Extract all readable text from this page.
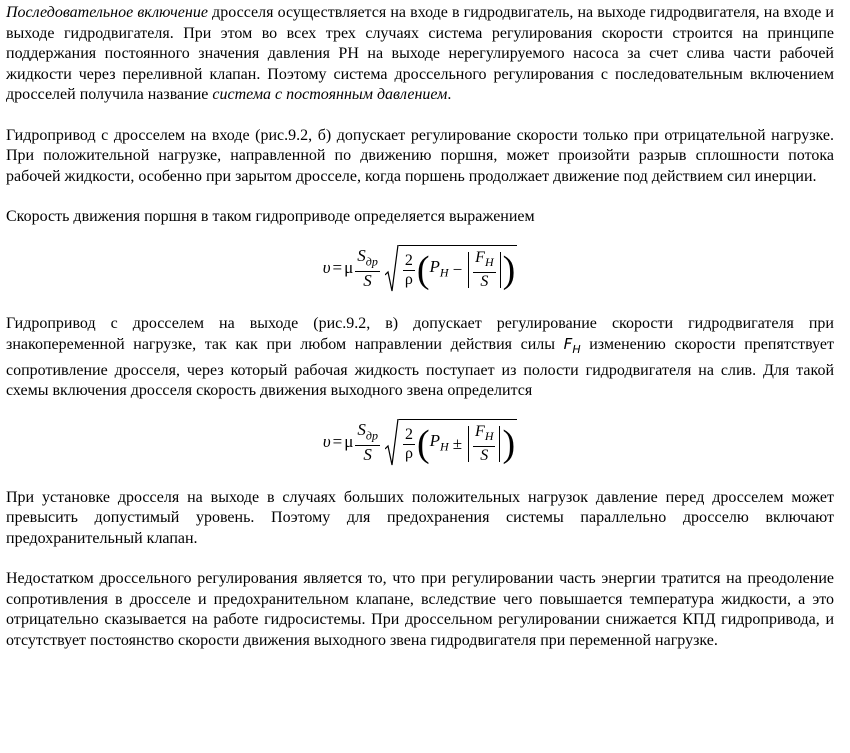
Последовательное включение дросселя осуществляется на входе в гидродвигатель, на выходе гидродвигателя, на входе и выходе гидродвигателя. При этом во всех трех случаях система регулирования скорости строится на принципе поддержания постоянного значения давления PH на выходе нерегулируемого насоса за счет слива части рабочей жидкости через переливной клапан. Поэтому система дроссельного регулирования с последовательным включением дросселей получила название система с постоянным давлением.

Гидропривод с дросселем на входе (рис.9.2, б) допускает регулирование скорости только при отрицательной нагрузке. При положительной нагрузке, направленной по движению поршня, может произойти разрыв сплошности потока рабочей жидкости, особенно при зарытом дросселе, когда поршень продолжает движение под действием сил инерции.

Скорость движения поршня в таком гидроприводе определяется выражением

υ = μ $\frac{S_{др}}{S} \frac{2}{\rho}$ ( $P_H - \frac{F_H}{S}$ )

Гидропривод с дросселем на выходе (рис.9.2, в) допускает регулирование скорости гидродвигателя при знакопеременной нагрузке, так как при любом направлении действия силы $F_H$ изменению скорости препятствует сопротивление дросселя, через который рабочая жидкость поступает из полости гидродвигателя на слив. Для такой схемы включения дросселя скорость движения выходного звена определится

υ = μ $\frac{S_{др}}{S} \frac{2}{\rho}$ ( $P_H \pm \frac{F_H}{S}$ )

При установке дросселя на выходе в случаях больших положительных нагрузок давление перед дросселем может превысить допустимый уровень. Поэтому для предохранения системы параллельно дросселю включают предохранительный клапан.

Недостатком дроссельного регулирования является то, что при регулировании часть энергии тратится на преодоление сопротивления в дросселе и предохранительном клапане, вследствие чего повышается температура жидкости, а это отрицательно сказывается на работе гидросистемы. При дроссельном регулировании снижается КПД гидропривода, и отсутствует постоянство скорости движения выходного звена гидродвигателя при переменной нагрузке.
